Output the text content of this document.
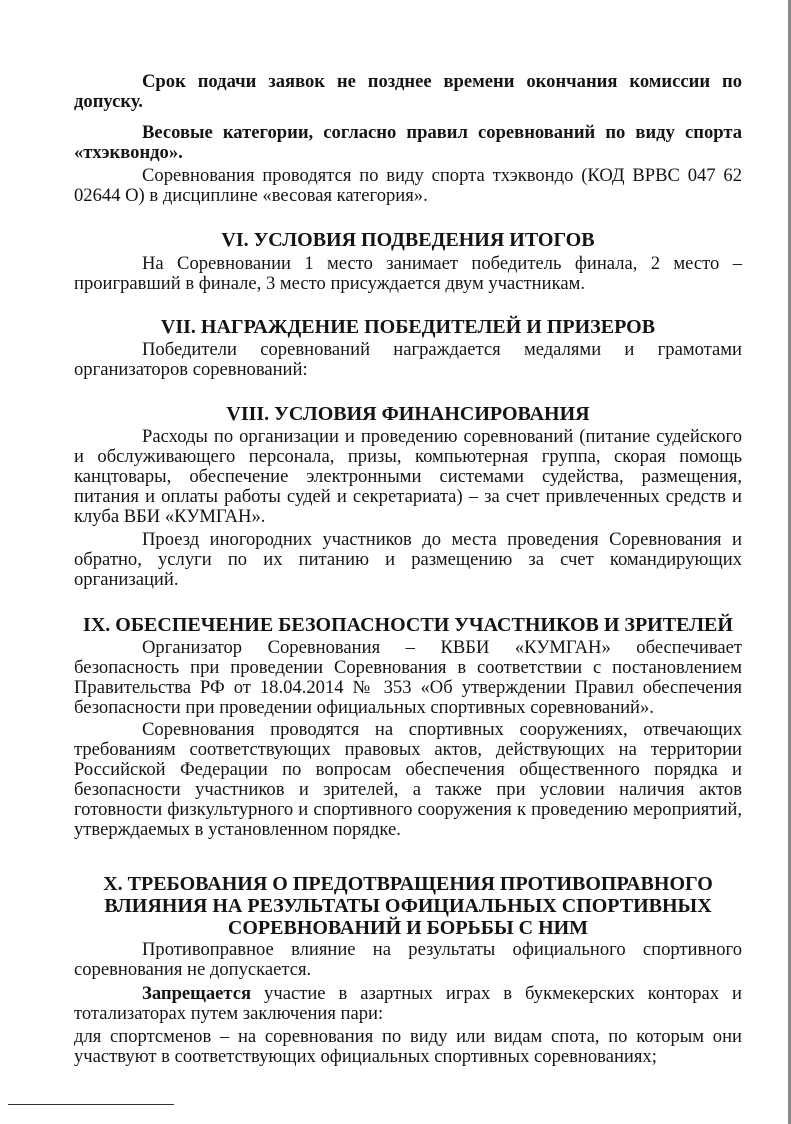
Срок подачи заявок не позднее времени окончания комиссии по допуску.

Весовые категории, согласно правил соревнований по виду спорта «тхэквондо».

Соревнования проводятся по виду спорта тхэквондо (КОД ВРВС 047 62 02644 О) в дисциплине «весовая категория».

VI. УСЛОВИЯ ПОДВЕДЕНИЯ ИТОГОВ

На Соревновании 1 место занимает победитель финала, 2 место – проигравший в финале, 3 место присуждается двум участникам.

VII. НАГРАЖДЕНИЕ ПОБЕДИТЕЛЕЙ И ПРИЗЕРОВ

Победители соревнований награждается медалями и грамотами организаторов соревнований:

VIII. УСЛОВИЯ ФИНАНСИРОВАНИЯ

Расходы по организации и проведению соревнований (питание судейского и обслуживающего персонала, призы, компьютерная группа, скорая помощь канцтовары, обеспечение электронными системами судейства, размещения, питания и оплаты работы судей и секретариата) – за счет привлеченных средств и клуба ВБИ «КУМГАН».

Проезд иногородних участников до места проведения Соревнования и обратно, услуги по их питанию и размещению за счет командирующих организаций.

IX. ОБЕСПЕЧЕНИЕ БЕЗОПАСНОСТИ УЧАСТНИКОВ И ЗРИТЕЛЕЙ

Организатор Соревнования – КВБИ «КУМГАН» обеспечивает безопасность при проведении Соревнования в соответствии с постановлением Правительства РФ от 18.04.2014 № 353 «Об утверждении Правил обеспечения безопасности при проведении официальных спортивных соревнований».

Соревнования проводятся на спортивных сооружениях, отвечающих требованиям соответствующих правовых актов, действующих на территории Российской Федерации по вопросам обеспечения общественного порядка и безопасности участников и зрителей, а также при условии наличия актов готовности физкультурного и спортивного сооружения к проведению мероприятий, утверждаемых в установленном порядке.

X. ТРЕБОВАНИЯ О ПРЕДОТВРАЩЕНИЯ ПРОТИВОПРАВНОГО
ВЛИЯНИЯ НА РЕЗУЛЬТАТЫ ОФИЦИАЛЬНЫХ СПОРТИВНЫХ
СОРЕВНОВАНИЙ И БОРЬБЫ С НИМ

Противоправное влияние на результаты официального спортивного соревнования не допускается.

Запрещается участие в азартных играх в букмекерских конторах и тотализаторах путем заключения пари:

для спортсменов – на соревнования по виду или видам спота, по которым они участвуют в соответствующих официальных спортивных соревнованиях;
